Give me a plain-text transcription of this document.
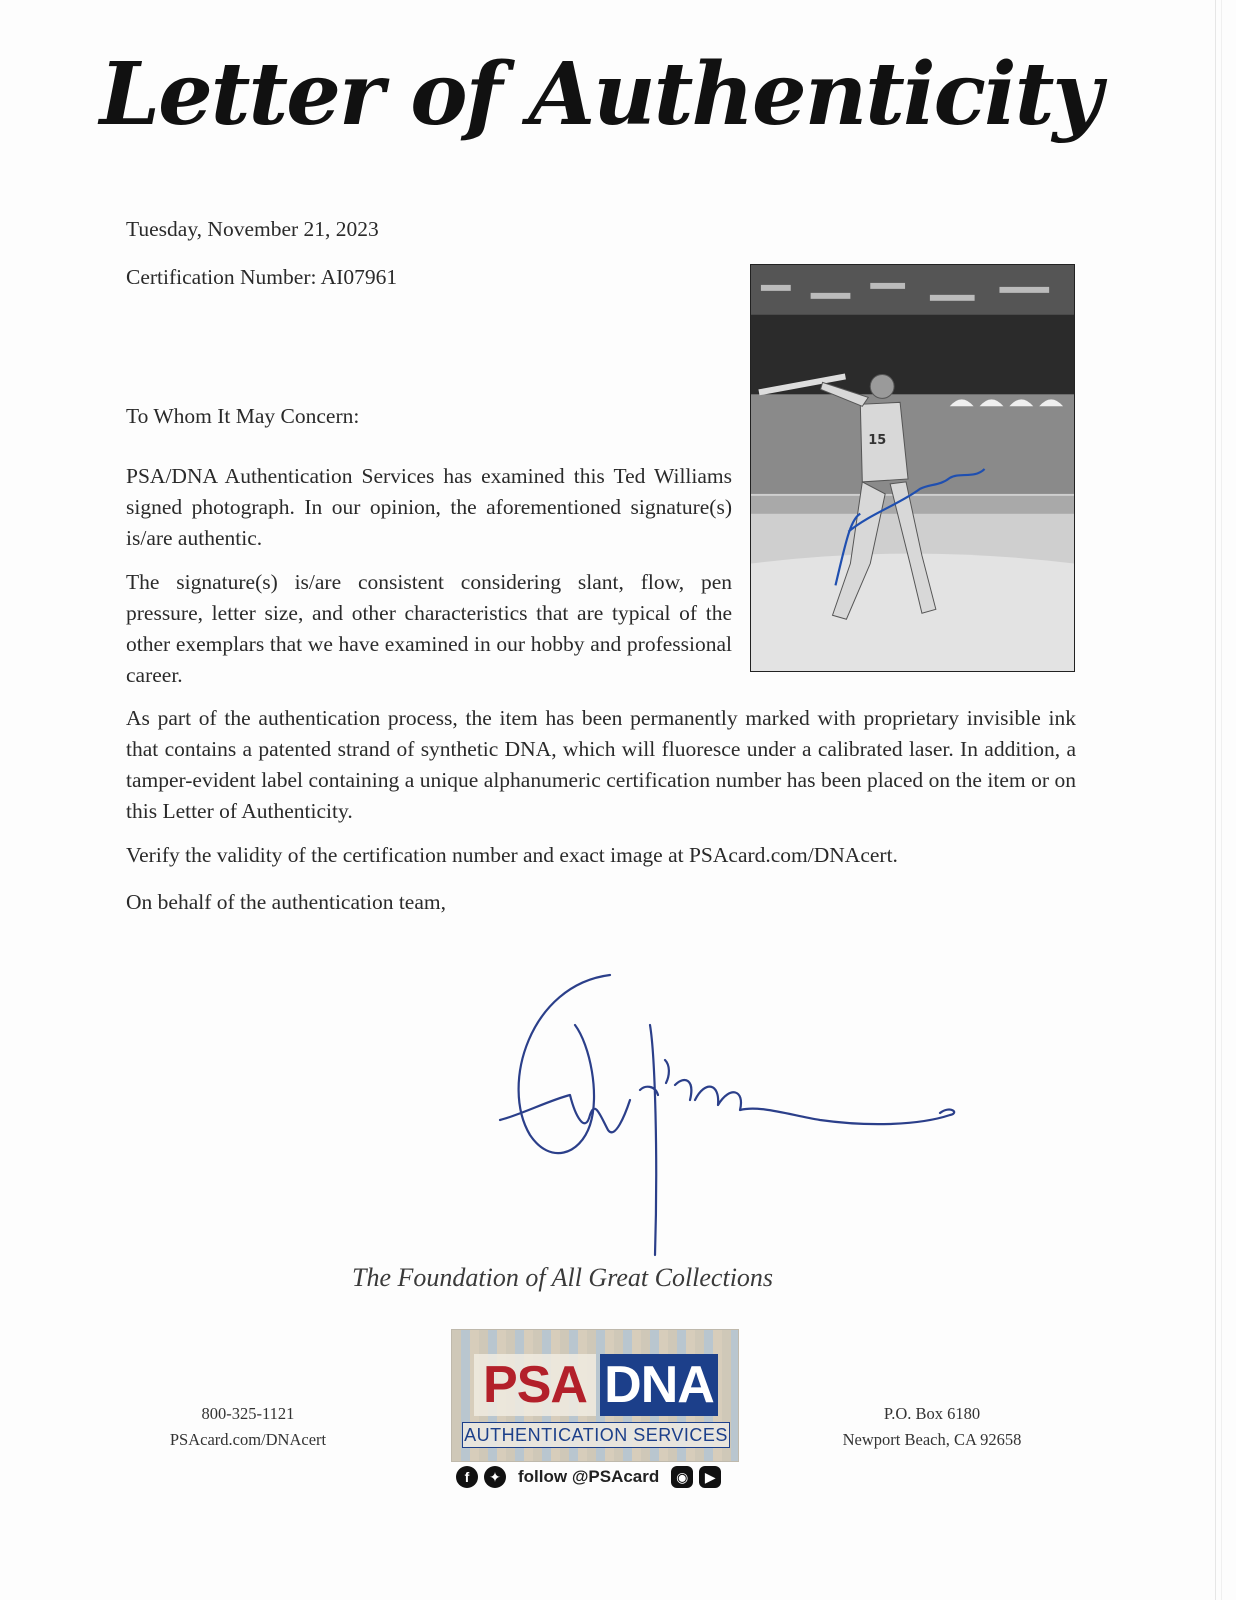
Letter of Authenticity
Tuesday, November 21, 2023
Certification Number: AI07961
15
To Whom It May Concern:
PSA/DNA Authentication Services has examined this Ted Williams signed photograph. In our opinion, the aforementioned signature(s) is/are authentic.
The signature(s) is/are consistent considering slant, flow, pen pressure, letter size, and other characteristics that are typical of the other exemplars that we have examined in our hobby and professional career.
As part of the authentication process, the item has been permanently marked with proprietary invisible ink that contains a patented strand of synthetic DNA, which will fluoresce under a calibrated laser. In addition, a tamper-evident label containing a unique alphanumeric certification number has been placed on the item or on this Letter of Authenticity.
Verify the validity of the certification number and exact image at PSAcard.com/DNAcert.
On behalf of the authentication team,
The Foundation of All Great Collections
800-325-1121
PSAcard.com/DNAcert
PSA DNA
AUTHENTICATION SERVICES
f	✦	follow @PSAcard	◉	▶
P.O. Box 6180
Newport Beach, CA 92658
